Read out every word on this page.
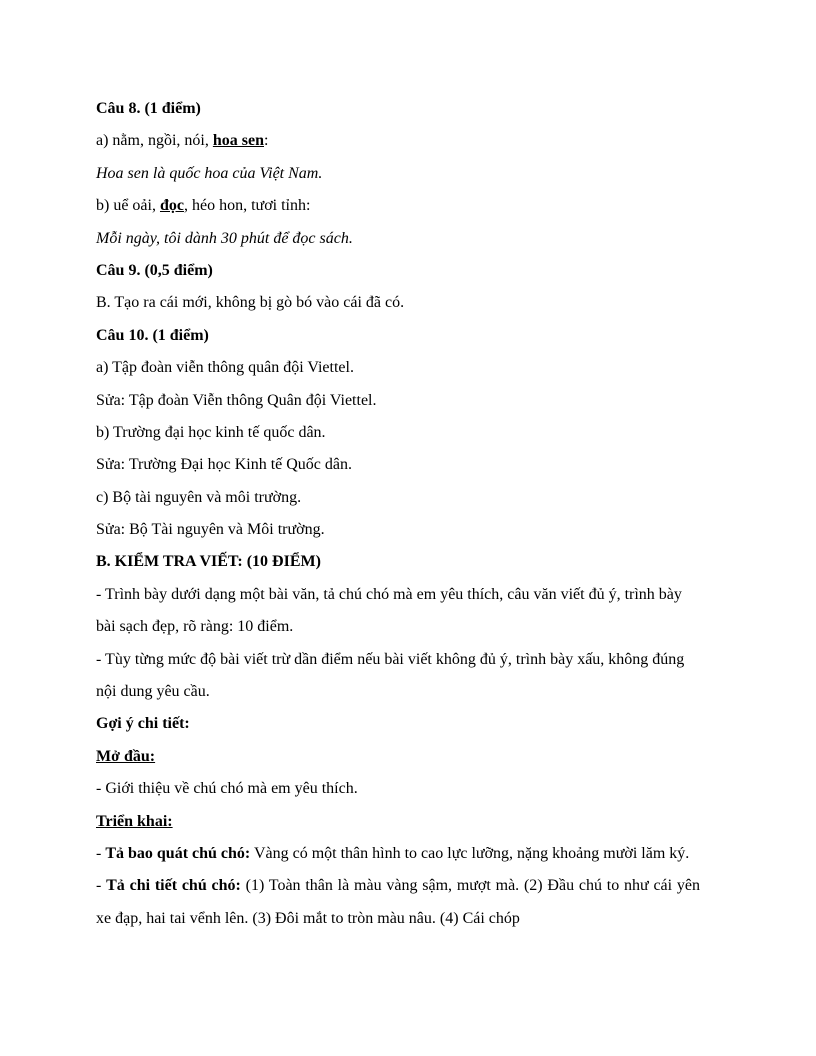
Câu 8. (1 điểm)
a) nằm, ngồi, nói, hoa sen:
Hoa sen là quốc hoa của Việt Nam.
b) uể oải, đọc, héo hon, tươi tỉnh:
Mỗi ngày, tôi dành 30 phút để đọc sách.
Câu 9. (0,5 điểm)
B. Tạo ra cái mới, không bị gò bó vào cái đã có.
Câu 10. (1 điểm)
a) Tập đoàn viễn thông quân đội Viettel.
Sửa: Tập đoàn Viễn thông Quân đội Viettel.
b) Trường đại học kinh tế quốc dân.
Sửa: Trường Đại học Kinh tế Quốc dân.
c) Bộ tài nguyên và môi trường.
Sửa: Bộ Tài nguyên và Môi trường.
B. KIỂM TRA VIẾT: (10 ĐIỂM)
- Trình bày dưới dạng một bài văn, tả chú chó mà em yêu thích, câu văn viết đủ ý, trình bày bài sạch đẹp, rõ ràng: 10 điểm.
- Tùy từng mức độ bài viết trừ dần điểm nếu bài viết không đủ ý, trình bày xấu, không đúng nội dung yêu cầu.
Gợi ý chi tiết:
Mở đầu:
- Giới thiệu về chú chó mà em yêu thích.
Triển khai:
- Tả bao quát chú chó: Vàng có một thân hình to cao lực lưỡng, nặng khoảng mười lăm ký.
- Tả chi tiết chú chó: (1) Toàn thân là màu vàng sậm, mượt mà. (2) Đầu chú to như cái yên xe đạp, hai tai vểnh lên. (3) Đôi mắt to tròn màu nâu. (4) Cái chóp
